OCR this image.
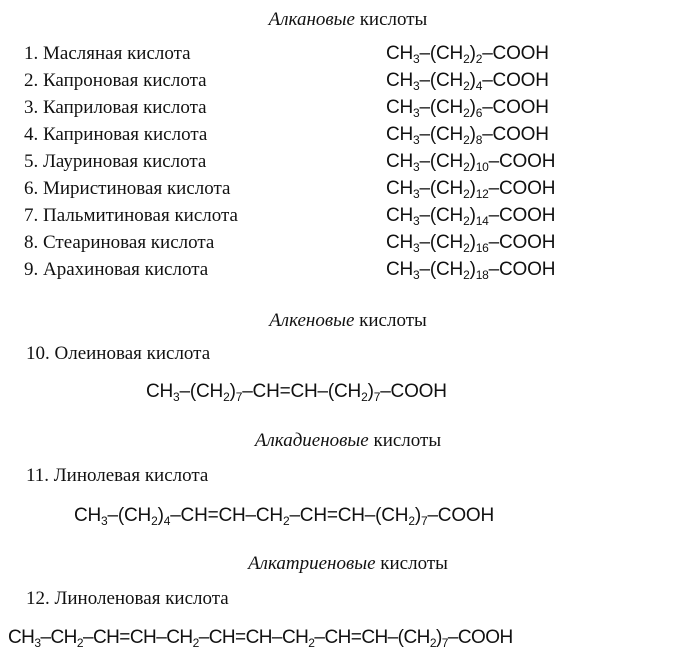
Алкановые кислоты
1. Масляная кислота	$CH_3-(CH_2)_2$–COOH
2. Капроновая кислота	$CH_3-(CH_2)_4$–COOH
3. Каприловая кислота	$CH_3-(CH_2)_6$–COOH
4. Каприновая кислота	$CH_3-(CH_2)_8$–COOH
5. Лауриновая кислота	$CH_3-(CH_2)_{10}$–COOH
6. Миристиновая кислота	$CH_3-(CH_2)_{12}$–COOH
7. Пальмитиновая кислота	$CH_3-(CH_2)_{14}$–COOH
8. Стеариновая кислота	$CH_3-(CH_2)_{16}$–COOH
9. Арахиновая кислота	$CH_3-(CH_2)_{18}$–COOH
Алкеновые кислоты
10. Олеиновая кислота
$CH_3-(CH_2)_7-CH=CH-(CH_2)_7$–COOH
Алкадиеновые кислоты
11. Линолевая кислота
$CH_3-(CH_2)_4-CH=CH-CH_2-CH=CH-(CH_2)_7$–COOH
Алкатриеновые кислоты
12. Линоленовая кислота
$CH_3-CH_2-CH=CH-CH_2-CH=CH-CH_2-CH=CH-(CH_2)_7$–COOH
